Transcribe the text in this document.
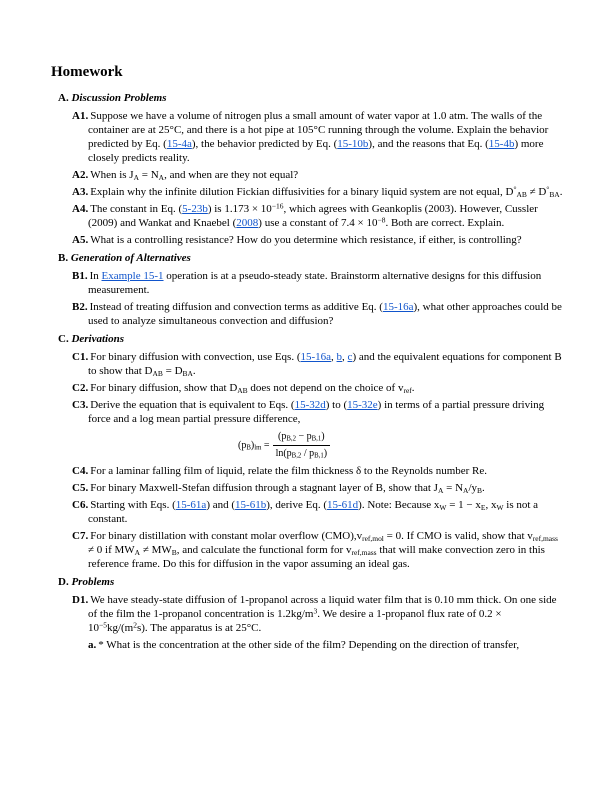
Homework
A. Discussion Problems
A1. Suppose we have a volume of nitrogen plus a small amount of water vapor at 1.0 atm. The walls of the container are at 25°C, and there is a hot pipe at 105°C running through the volume. Explain the behavior predicted by Eq. (15-4a), the behavior predicted by Eq. (15-10b), and the reasons that Eq. (15-4b) more closely predicts reality.
A2. When is $J_A = N_A$, and when are they not equal?
A3. Explain why the infinite dilution Fickian diffusivities for a binary liquid system are not equal, $D^\circ_{AB} \ne D^\circ_{BA}$.
A4. The constant in Eq. (5-23b) is $1.173 \times 10^{-16}$, which agrees with Geankoplis (2003). However, Cussler (2009) and Wankat and Knaebel (2008) use a constant of $7.4 \times 10^{-8}$. Both are correct. Explain.
A5. What is a controlling resistance? How do you determine which resistance, if either, is controlling?
B. Generation of Alternatives
B1. In Example 15-1 operation is at a pseudo-steady state. Brainstorm alternative designs for this diffusion measurement.
B2. Instead of treating diffusion and convection terms as additive Eq. (15-16a), what other approaches could be used to analyze simultaneous convection and diffusion?
C. Derivations
C1. For binary diffusion with convection, use Eqs. (15-16a, b, c) and the equivalent equations for component B to show that $D_{AB} = D_{BA}$.
C2. For binary diffusion, show that $D_{AB}$ does not depend on the choice of $v_{ref}$.
C3. Derive the equation that is equivalent to Eqs. (15-32d) to (15-32e) in terms of a partial pressure driving force and a log mean partial pressure difference,
$(p_B)_{lm} = \frac{(p_{B,2} - p_{B,1})}{\ln(p_{B,2} / p_{B,1})}$
C4. For a laminar falling film of liquid, relate the film thickness δ to the Reynolds number Re.
C5. For binary Maxwell-Stefan diffusion through a stagnant layer of B, show that $J_A = N_A/y_B$.
C6. Starting with Eqs. (15-61a) and (15-61b), derive Eq. (15-61d). Note: Because $x_W = 1 - x_E$, $x_W$ is not a constant.
C7. For binary distillation with constant molar overflow $(CMO),v_{ref,mol} = 0$. If CMO is valid, show that $v_{ref,mass} \ne 0$ if $MW_A \ne MW_B$, and calculate the functional form for $v_{ref,mass}$ that will make convection zero in this reference frame. Do this for diffusion in the vapor assuming an ideal gas.
D. Problems
D1. We have steady-state diffusion of 1-propanol across a liquid water film that is 0.10 mm thick. On one side of the film the 1-propanol concentration is $1.2kg/m^3$. We desire a 1-propanol flux rate of $0.2 \times 10^{-5}kg/(m^2s)$. The apparatus is at 25°C.
a. * What is the concentration at the other side of the film? Depending on the direction of transfer,
